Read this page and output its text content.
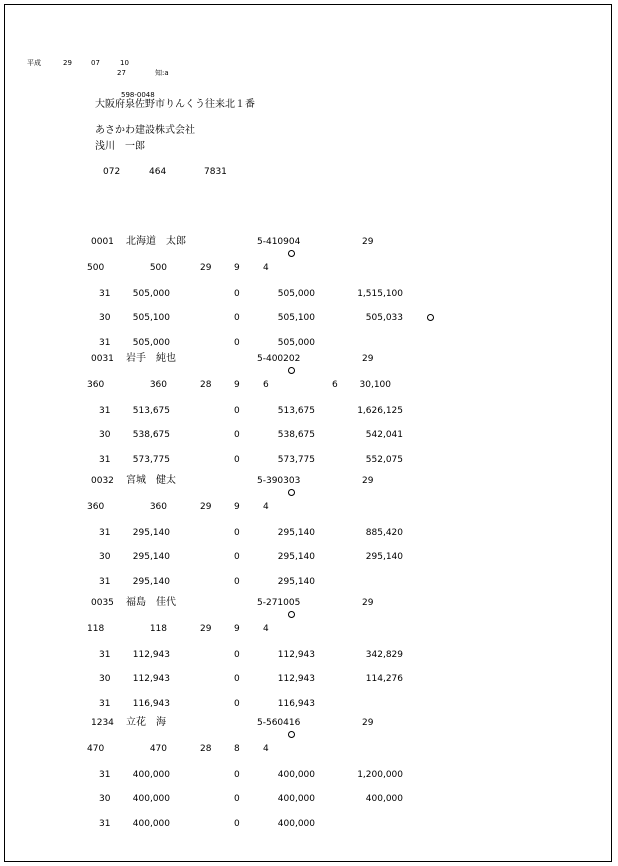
平成	29	07	10
27	知:a
598-0048
大阪府泉佐野市りんくう往来北１番
あさかわ建設株式会社
浅川　一郎
072	464	7831
0001 北海道　太郎	5-410904	29
500	500	29	9	4
31	505,000	0	505,000	1,515,100
30	505,100	0	505,100	505,033
31	505,000	0	505,000
0031 岩手　純也	5-400202	29
360	360	28	9	6	6	30,100
31	513,675	0	513,675	1,626,125
30	538,675	0	538,675	542,041
31	573,775	0	573,775	552,075
0032 宮城　健太	5-390303	29
360	360	29	9	4
31	295,140	0	295,140	885,420
30	295,140	0	295,140	295,140
31	295,140	0	295,140
0035 福島　佳代	5-271005	29
118	118	29	9	4
31	112,943	0	112,943	342,829
30	112,943	0	112,943	114,276
31	116,943	0	116,943
1234 立花　海	5-560416	29
470	470	28	8	4
31	400,000	0	400,000	1,200,000
30	400,000	0	400,000	400,000
31	400,000	0	400,000
